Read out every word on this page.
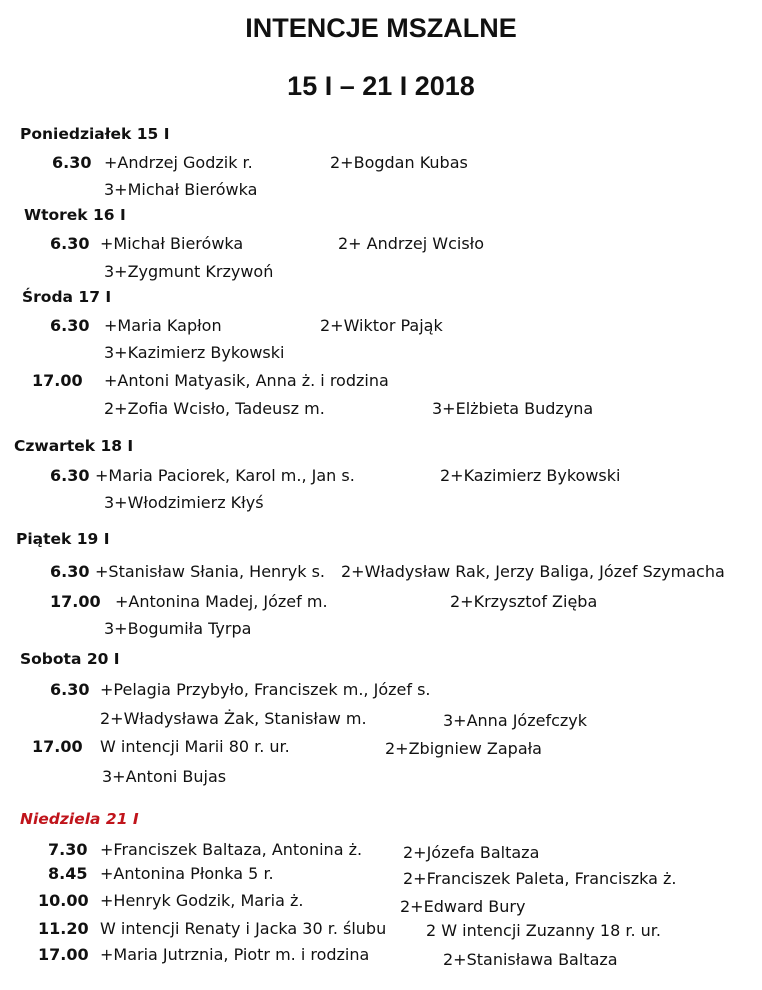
INTENCJE MSZALNE
15 I – 21 I 2018
Poniedziałek 15 I
6.30 +Andrzej Godzik r.	2+Bogdan Kubas
3+Michał Bierówka
Wtorek 16 I
6.30 +Michał Bierówka	2+ Andrzej Wcisło
3+Zygmunt Krzywoń
Środa 17 I
6.30 +Maria Kapłon	2+Wiktor Pająk
3+Kazimierz Bykowski
17.00 +Antoni Matyasik, Anna ż. i rodzina
2+Zofia Wcisło, Tadeusz m.	3+Elżbieta Budzyna
Czwartek 18 I
6.30 +Maria Paciorek, Karol m., Jan s.	2+Kazimierz Bykowski
3+Włodzimierz Kłyś
Piątek 19 I
6.30 +Stanisław Słania, Henryk s. 2+Władysław Rak, Jerzy Baliga, Józef Szymacha
17.00 +Antonina Madej, Józef m.	2+Krzysztof Zięba
3+Bogumiła Tyrpa
Sobota 20 I
6.30 +Pelagia Przybyło, Franciszek m., Józef s.
2+Władysława Żak, Stanisław m.	3+Anna Józefczyk
17.00 W intencji Marii 80 r. ur.	2+Zbigniew Zapała
3+Antoni Bujas
Niedziela 21 I
7.30 +Franciszek Baltaza, Antonina ż.	2+Józefa Baltaza
8.45 +Antonina Płonka 5 r.	2+Franciszek Paleta, Franciszka ż.
10.00 +Henryk Godzik, Maria ż.	2+Edward Bury
11.20 W intencji Renaty i Jacka 30 r. ślubu 2 W intencji Zuzanny 18 r. ur.
17.00 +Maria Jutrznia, Piotr m. i rodzina	2+Stanisława Baltaza
